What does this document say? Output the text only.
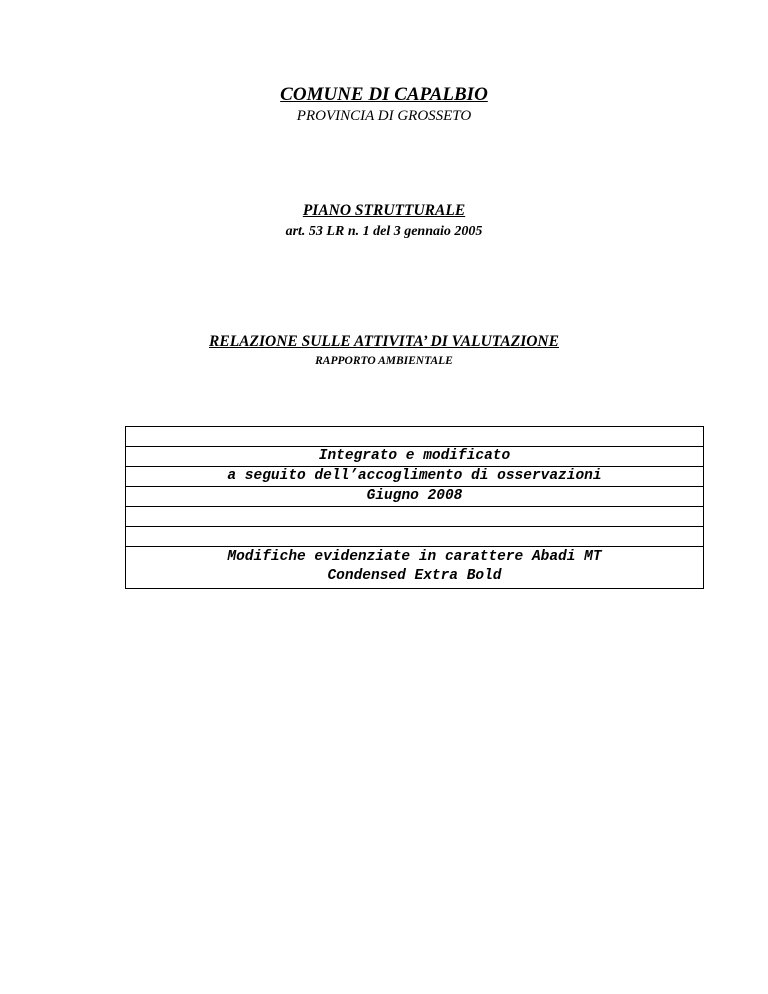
COMUNE DI CAPALBIO
PROVINCIA DI GROSSETO
PIANO STRUTTURALE
art. 53 LR n. 1 del 3 gennaio 2005
RELAZIONE SULLE ATTIVITA’ DI VALUTAZIONE
RAPPORTO AMBIENTALE

Integrato e modificato
a seguito dell’accoglimento di osservazioni
Giugno 2008

Modifiche evidenziate in carattere Abadi MT
Condensed Extra Bold
